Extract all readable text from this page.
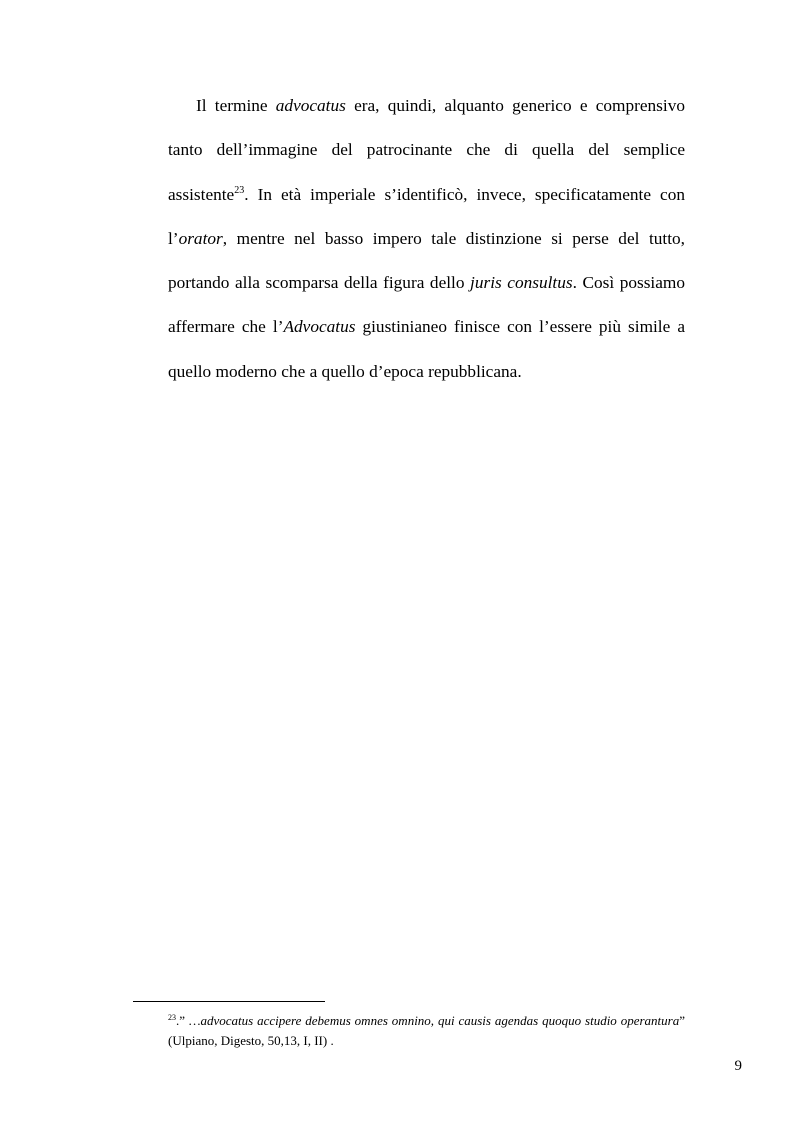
Il termine advocatus era, quindi, alquanto generico e comprensivo tanto dell’immagine del patrocinante che di quella del semplice assistente$^{23}$. In età imperiale s’identificò, invece, specificatamente con l’orator, mentre nel basso impero tale distinzione si perse del tutto, portando alla scomparsa della figura dello juris consultus. Così possiamo affermare che l’Advocatus giustinianeo finisce con l’essere più simile a quello moderno che a quello d’epoca repubblicana.

$^{23}$.” …advocatus accipere debemus omnes omnino, qui causis agendas quoquo studio operantura” (Ulpiano, Digesto, 50,13, I, II) .

9
